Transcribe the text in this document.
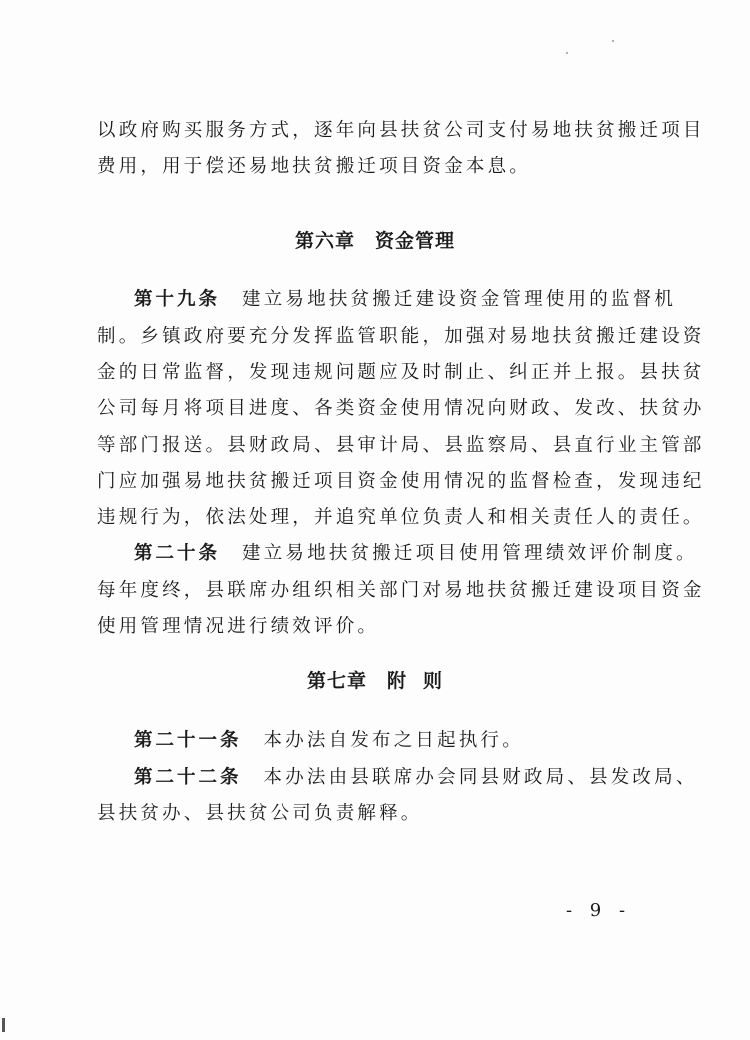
以政府购买服务方式，逐年向县扶贫公司支付易地扶贫搬迁项目
费用，用于偿还易地扶贫搬迁项目资金本息。
第六章 资金管理
第十九条 建立易地扶贫搬迁建设资金管理使用的监督机
制。乡镇政府要充分发挥监管职能，加强对易地扶贫搬迁建设资
金的日常监督，发现违规问题应及时制止、纠正并上报。县扶贫
公司每月将项目进度、各类资金使用情况向财政、发改、扶贫办
等部门报送。县财政局、县审计局、县监察局、县直行业主管部
门应加强易地扶贫搬迁项目资金使用情况的监督检查，发现违纪
违规行为，依法处理，并追究单位负责人和相关责任人的责任。
第二十条 建立易地扶贫搬迁项目使用管理绩效评价制度。
每年度终，县联席办组织相关部门对易地扶贫搬迁建设项目资金
使用管理情况进行绩效评价。
第七章 附 则
第二十一条 本办法自发布之日起执行。
第二十二条 本办法由县联席办会同县财政局、县发改局、
县扶贫办、县扶贫公司负责解释。
- 9 -
